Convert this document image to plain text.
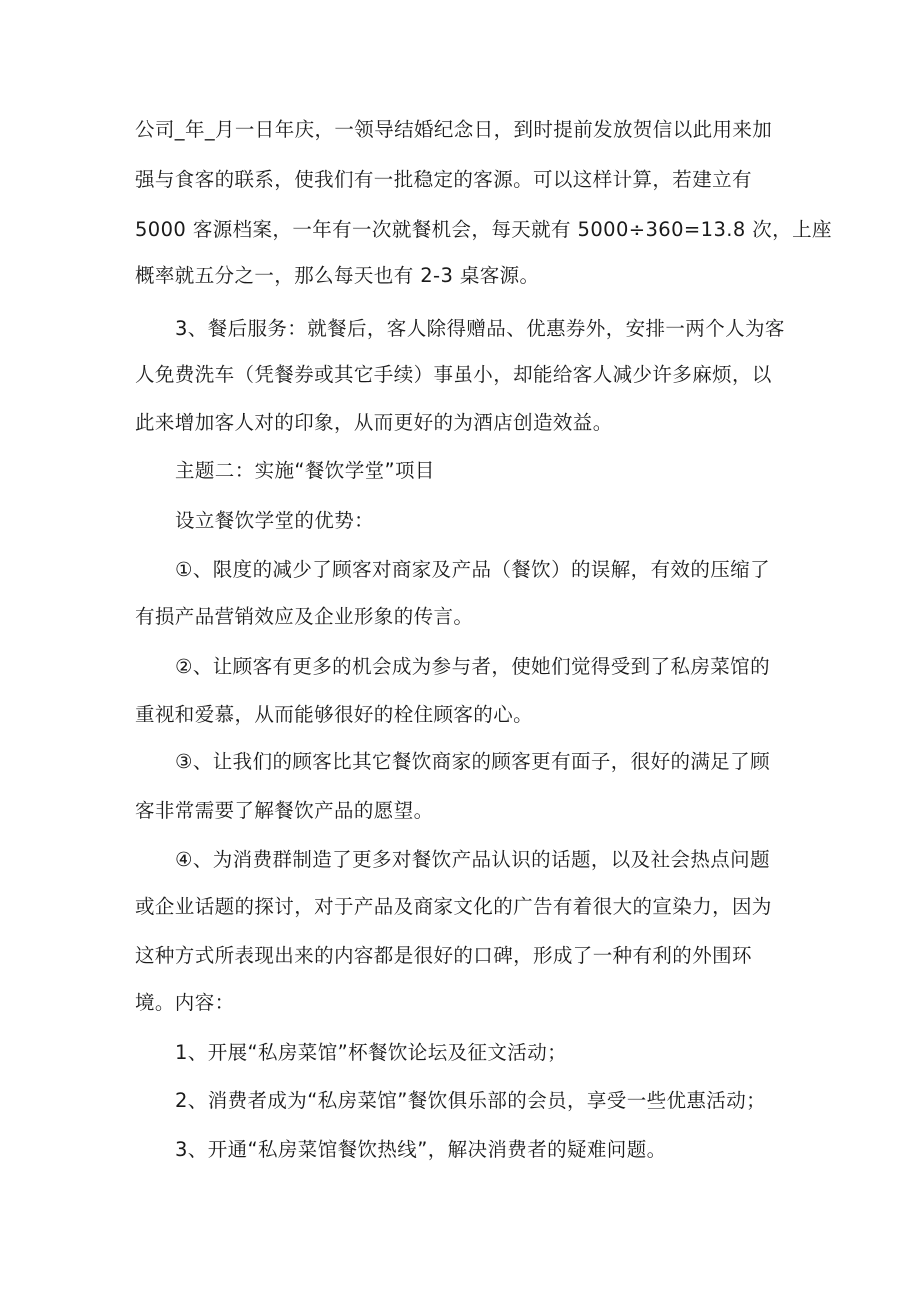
公司_年_月一日年庆，一领导结婚纪念日，到时提前发放贺信以此用来加
强与食客的联系，使我们有一批稳定的客源。可以这样计算，若建立有
5000 客源档案，一年有一次就餐机会，每天就有 5000÷360=13.8 次，上座
概率就五分之一，那么每天也有 2-3 桌客源。
3、餐后服务：就餐后，客人除得赠品、优惠券外，安排一两个人为客
人免费洗车（凭餐券或其它手续）事虽小，却能给客人减少许多麻烦，以
此来增加客人对的印象，从而更好的为酒店创造效益。
主题二：实施“餐饮学堂”项目
设立餐饮学堂的优势：
①、限度的减少了顾客对商家及产品（餐饮）的误解，有效的压缩了
有损产品营销效应及企业形象的传言。
②、让顾客有更多的机会成为参与者，使她们觉得受到了私房菜馆的
重视和爱慕，从而能够很好的栓住顾客的心。
③、让我们的顾客比其它餐饮商家的顾客更有面子，很好的满足了顾
客非常需要了解餐饮产品的愿望。
④、为消费群制造了更多对餐饮产品认识的话题，以及社会热点问题
或企业话题的探讨，对于产品及商家文化的广告有着很大的宣染力，因为
这种方式所表现出来的内容都是很好的口碑，形成了一种有利的外围环
境。内容：
1、开展“私房菜馆”杯餐饮论坛及征文活动；
2、消费者成为“私房菜馆”餐饮俱乐部的会员，享受一些优惠活动；
3、开通“私房菜馆餐饮热线”，解决消费者的疑难问题。
